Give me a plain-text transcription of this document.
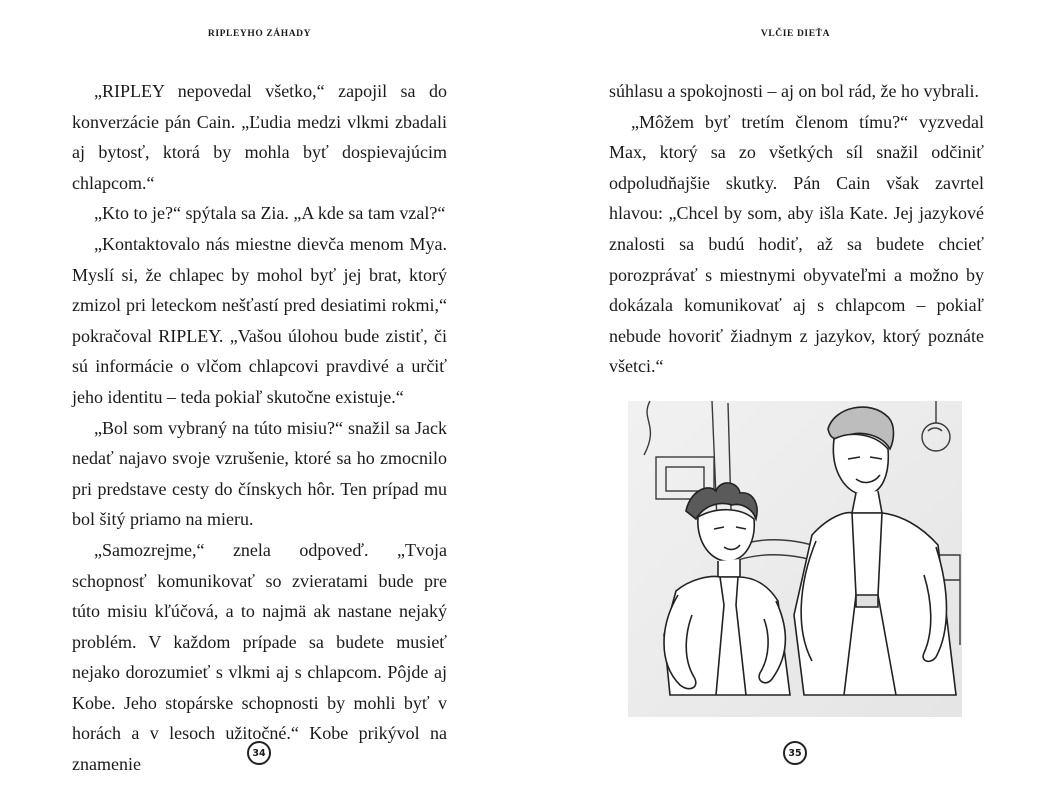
RIPLEYHO ZÁHADY

„RIPLEY nepovedal všetko,“ zapojil sa do konverzácie pán Cain. „Ľudia medzi vlkmi zbadali aj bytosť, ktorá by mohla byť dospievajúcim chlapcom.“

„Kto to je?“ spýtala sa Zia. „A kde sa tam vzal?“

„Kontaktovalo nás miestne dievča menom Mya. Myslí si, že chlapec by mohol byť jej brat, ktorý zmizol pri leteckom nešťastí pred desiatimi rokmi,“ pokračoval RIPLEY. „Vašou úlohou bude zistiť, či sú informácie o vlčom chlapcovi pravdivé a určiť jeho identitu – teda pokiaľ skutočne existuje.“

„Bol som vybraný na túto misiu?“ snažil sa Jack nedať najavo svoje vzrušenie, ktoré sa ho zmocnilo pri predstave cesty do čínskych hôr. Ten prípad mu bol šitý priamo na mieru.

„Samozrejme,“ znela odpoveď. „Tvoja schopnosť komunikovať so zvieratami bude pre túto misiu kľúčová, a to najmä ak nastane nejaký problém. V každom prípade sa budete musieť nejako dorozumieť s vlkmi aj s chlapcom. Pôjde aj Kobe. Jeho stopárske schopnosti by mohli byť v horách a v lesoch užitočné.“ Kobe prikývol na znamenie

34
VLČIE DIEŤA

súhlasu a spokojnosti – aj on bol rád, že ho vybrali.

„Môžem byť tretím členom tímu?“ vyzvedal Max, ktorý sa zo všetkých síl snažil odčiniť odpoludňajšie skutky. Pán Cain však zavrtel hlavou: „Chcel by som, aby išla Kate. Jej jazykové znalosti sa budú hodiť, až sa budete chcieť porozprávať s miestnymi obyvateľmi a možno by dokázala komunikovať aj s chlapcom – pokiaľ nebude hovoriť žiadnym z jazykov, ktorý poznáte všetci.“

35
